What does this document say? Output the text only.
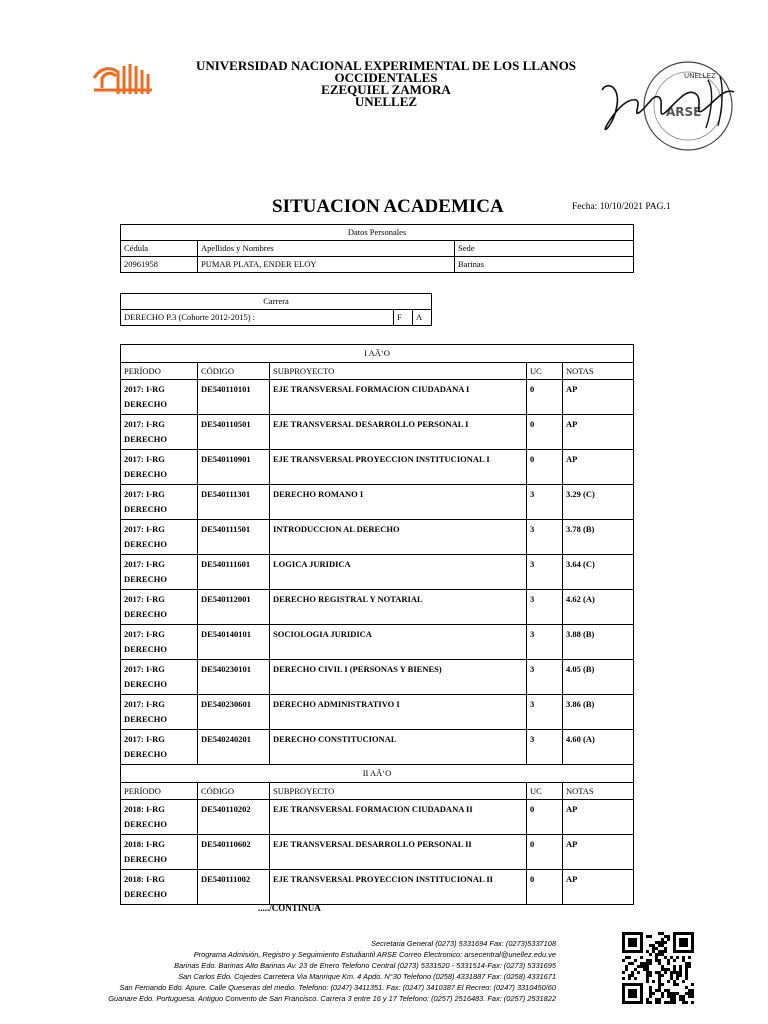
UNIVERSIDAD NACIONAL EXPERIMENTAL DE LOS LLANOS OCCIDENTALES
EZEQUIEL ZAMORA
UNELLEZ
UNELLEZ
ARSE
SITUACION ACADEMICA	Fecha: 10/10/2021 PAG.1
Datos Personales		
Cédula	Apellidos y Nombres	Sede
20961958	PUMAR PLATA, ENDER ELOY	Barinas
Carrera
DERECHO P.3 (Cohorte 2012-2015) :	F	A
I AÃ‘O				
PERÍODO	CÓDIGO	SUBPROYECTO	UC	NOTAS

2017: I-RG
DERECHO	DE540110101	EJE TRANSVERSAL FORMACION CIUDADANA I	0	AP

2017: I-RG
DERECHO	DE540110501	EJE TRANSVERSAL DESARROLLO PERSONAL I	0	AP

2017: I-RG
DERECHO	DE540110901	EJE TRANSVERSAL PROYECCION INSTITUCIONAL I	0	AP

2017: I-RG
DERECHO	DE540111301	DERECHO ROMANO I	3	3.29 (C)

2017: I-RG
DERECHO	DE540111501	INTRODUCCION AL DERECHO	3	3.78 (B)

2017: I-RG
DERECHO	DE540111601	LOGICA JURIDICA	3	3.64 (C)

2017: I-RG
DERECHO	DE540112001	DERECHO REGISTRAL Y NOTARIAL	3	4.62 (A)

2017: I-RG
DERECHO	DE540140101	SOCIOLOGIA JURIDICA	3	3.88 (B)

2017: I-RG
DERECHO	DE540230101	DERECHO CIVIL I (PERSONAS Y BIENES)	3	4.05 (B)

2017: I-RG
DERECHO	DE540230601	DERECHO ADMINISTRATIVO I	3	3.86 (B)

2017: I-RG
DERECHO	DE540240201	DERECHO CONSTITUCIONAL	3	4.60 (A)
II AÃ‘O				
PERÍODO	CÓDIGO	SUBPROYECTO	UC	NOTAS

2018: I-RG
DERECHO	DE540110202	EJE TRANSVERSAL FORMACION CIUDADANA II	0	AP

2018: I-RG
DERECHO	DE540110602	EJE TRANSVERSAL DESARROLLO PERSONAL II	0	AP

2018: I-RG
DERECHO	DE540111002	EJE TRANSVERSAL PROYECCION INSTITUCIONAL II	0	AP
...../CONTINUA
Secretaria General (0273) 5331694 Fax: (0273)5337108
Programa Admisión, Registro y Seguimiento Estudiantil ARSE Correo Electronico: arsecentral@unellez.edu.ve
Barinas Edo. Barinas Alto Barinas Av. 23 de Enero Telefono Central (0273) 5331520 - 5331514-Fax: (0273) 5331695
San Carlos Edo. Cojedes Carretera Via Manrique Km. 4 Apdo. N°30 Telefono (0258) 4331887 Fax: (0258) 4331671
San Fernando Edo. Apure. Calle Queseras del medio. Telefono: (0247) 3411351. Fax: (0247) 3410387 El Recreo: (0247) 3310450/60
Guanare Edo. Portuguesa. Antiguo Convento de San Francisco. Carrera 3 entre 16 y 17 Telefono: (0257) 2516483. Fax: (0257) 2531822
